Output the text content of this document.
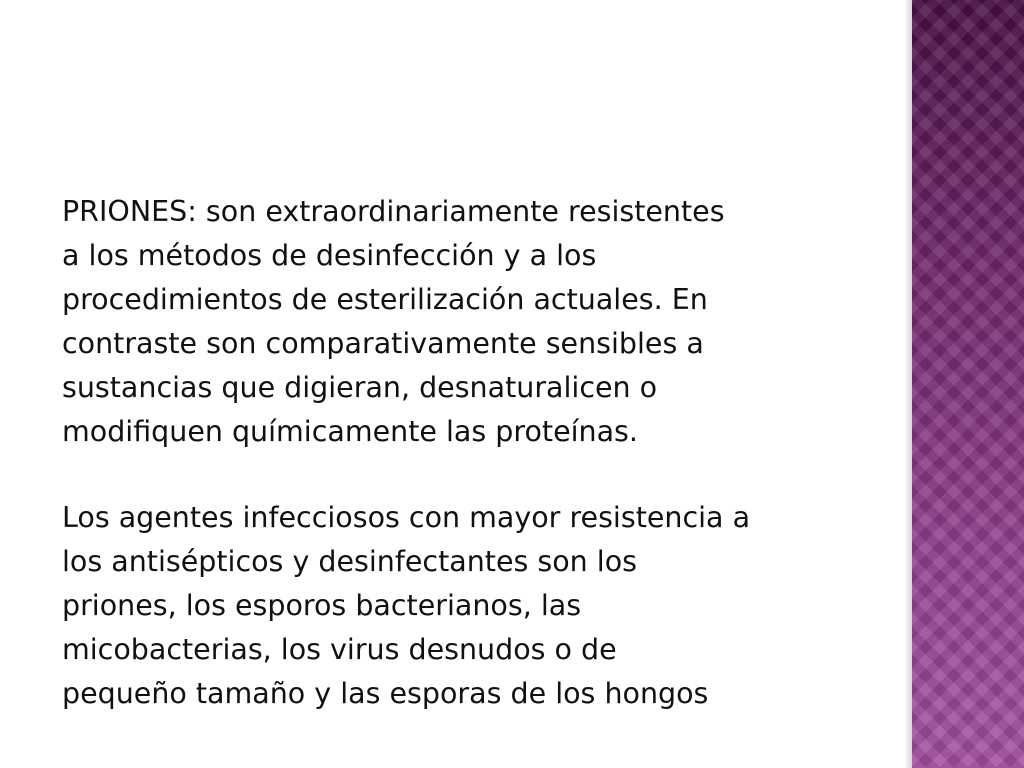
PRIONES: son extraordinariamente resistentes
a los métodos de desinfección y a los
procedimientos de esterilización actuales. En
contraste son comparativamente sensibles a
sustancias que digieran, desnaturalicen o
modifiquen químicamente las proteínas.

Los agentes infecciosos con mayor resistencia a
los antisépticos y desinfectantes son los
priones, los esporos bacterianos, las
micobacterias, los virus desnudos o de
pequeño tamaño y las esporas de los hongos
